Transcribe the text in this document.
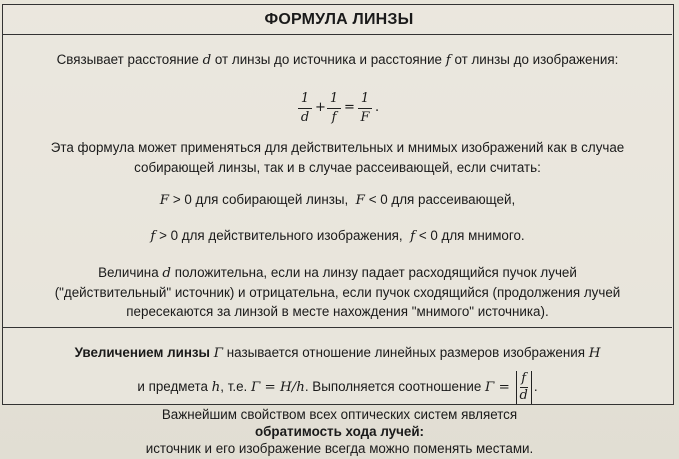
ФОРМУЛА ЛИНЗЫ
Связывает расстояние d от линзы до источника и расстояние f от линзы до изображения:
1
d
+
1
f
=
1
F
.
Эта формула может применяться для действительных и мнимых изображений как в случае
собирающей линзы, так и в случае рассеивающей, если считать:
F > 0 для собирающей линзы, F < 0 для рассеивающей,
f > 0 для действительного изображения, f < 0 для мнимого.
Величина d положительна, если на линзу падает расходящийся пучок лучей
("действительный" источник) и отрицательна, если пучок сходящийся (продолжения лучей
пересекаются за линзой в месте нахождения "мнимого" источника).
Увеличением линзы Γ называется отношение линейных размеров изображения H
и предмета h, т.е. Γ = H/h. Выполняется соотношение $\Gamma = \frac{f}{d}$ .
Важнейшим свойством всех оптических систем является
обратимость хода лучей:
источник и его изображение всегда можно поменять местами.
